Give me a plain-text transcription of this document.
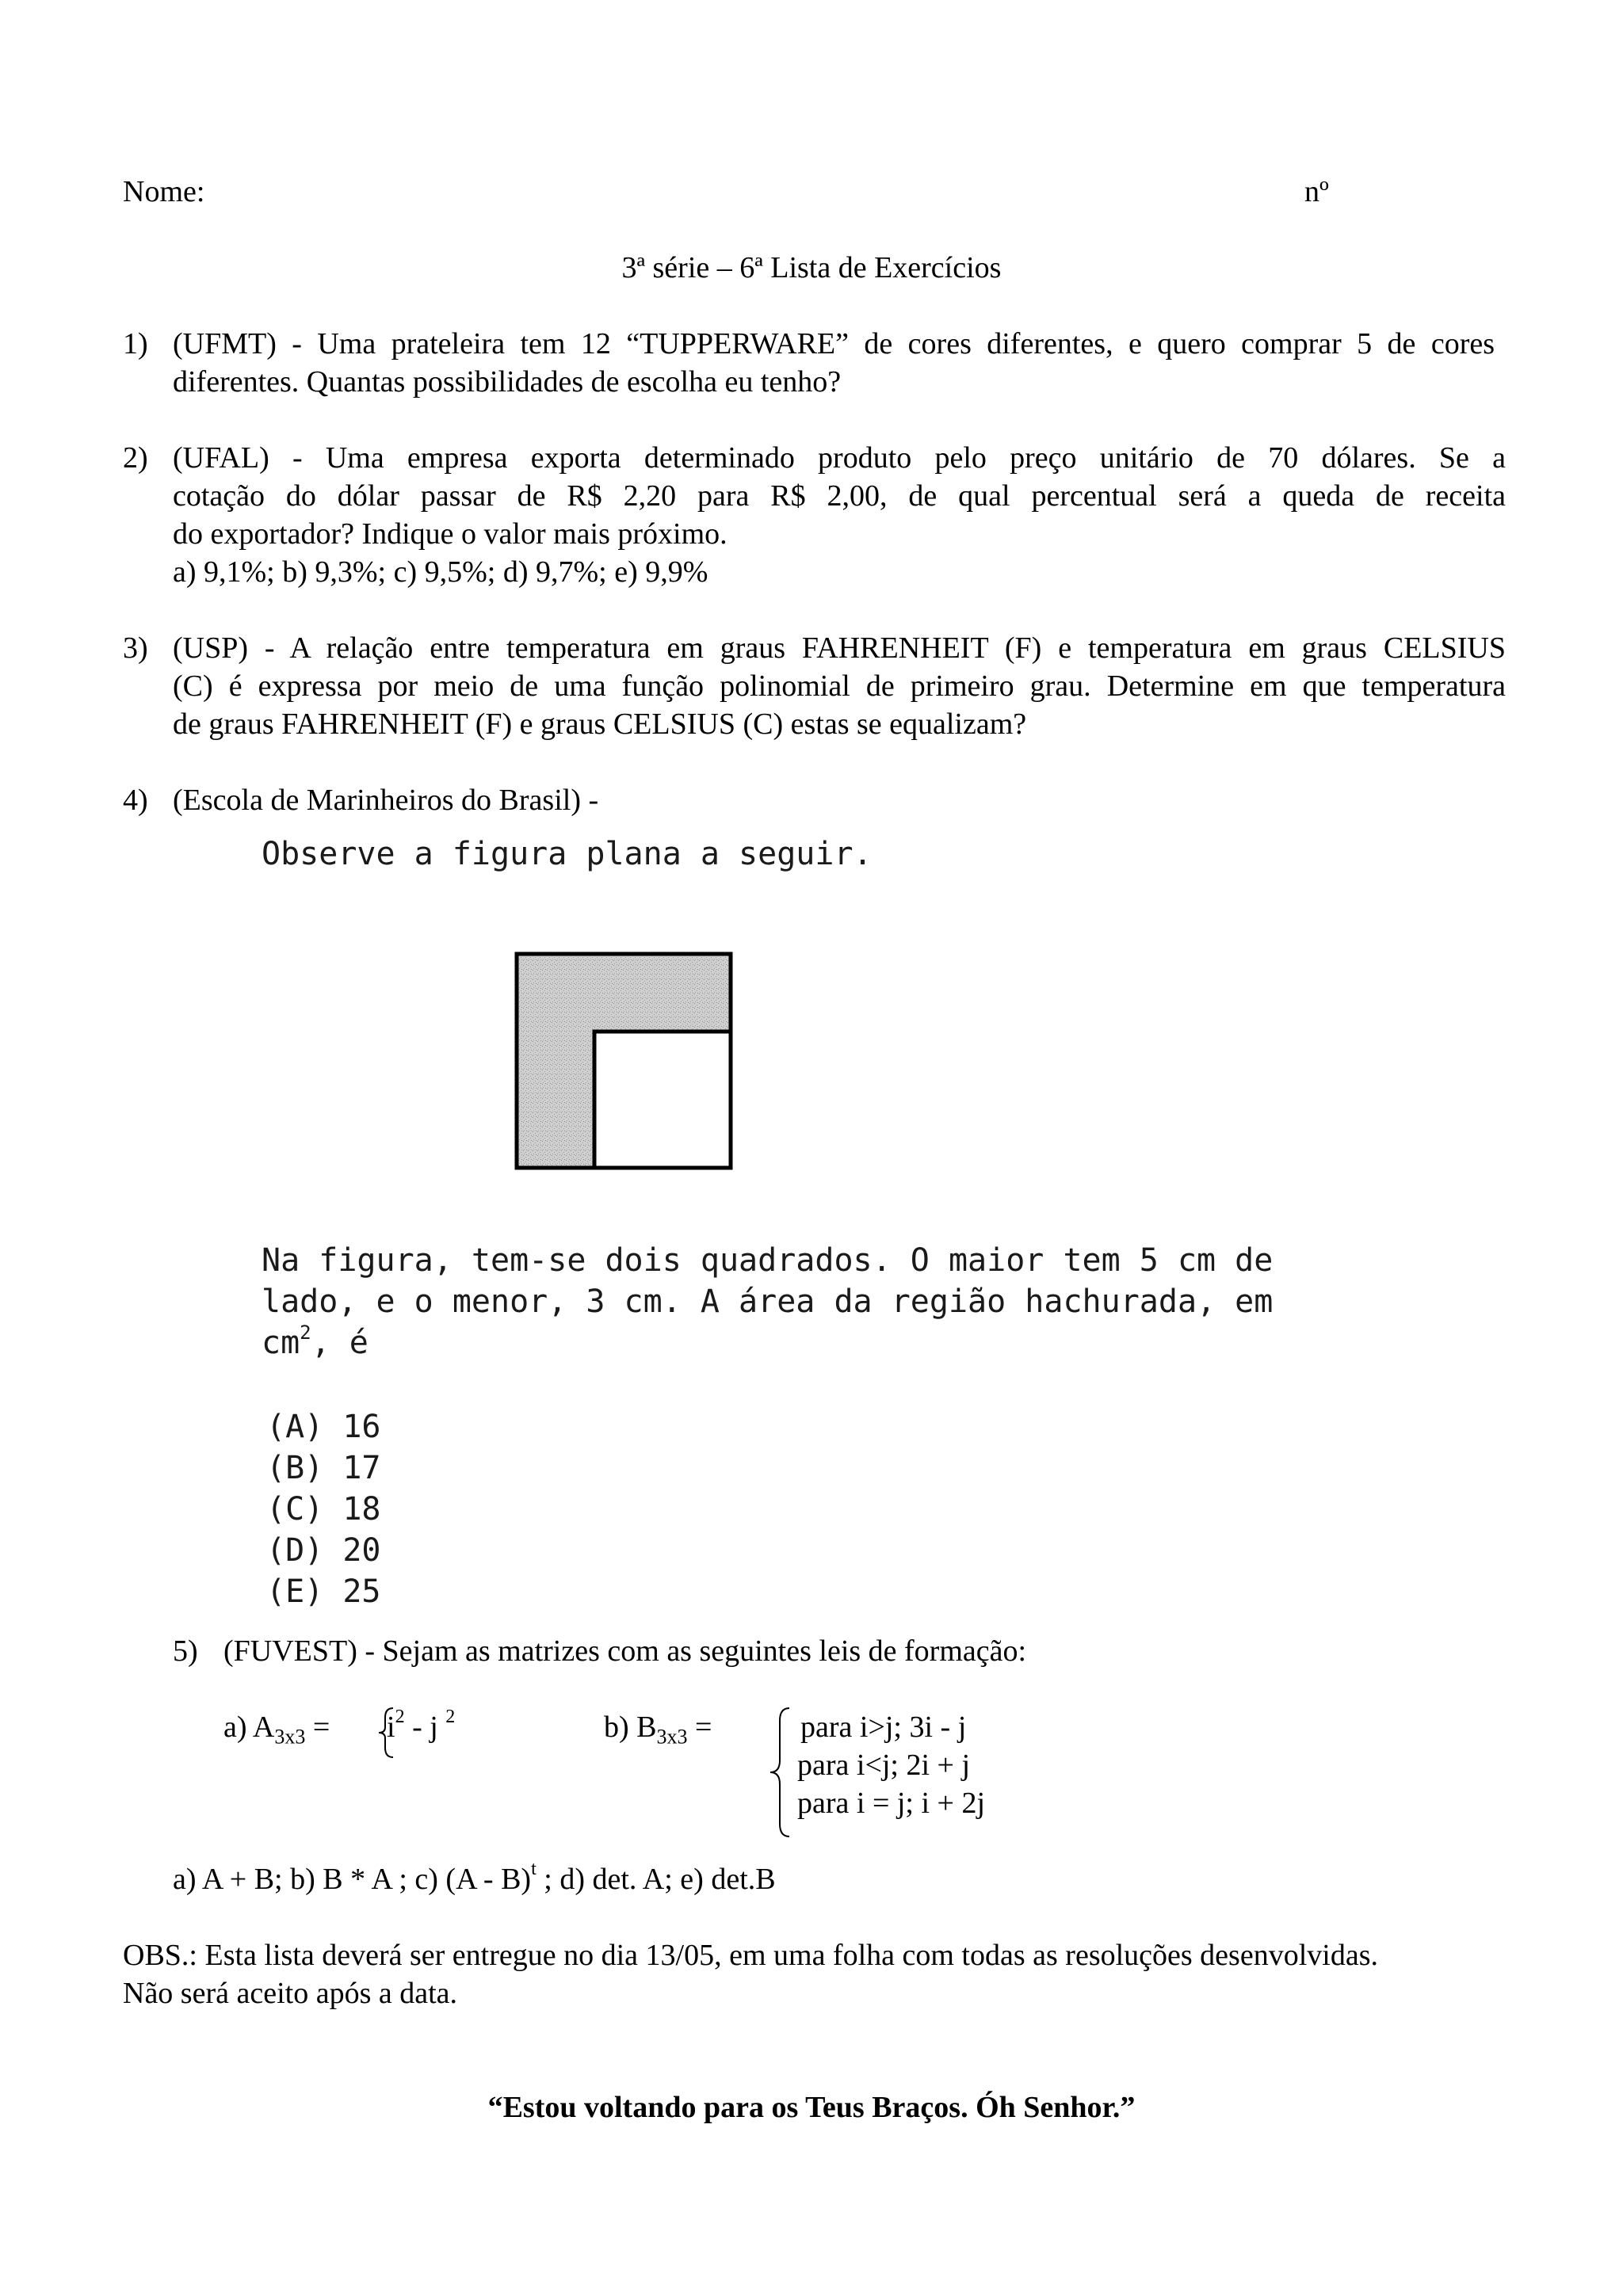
Nome:	nº
3ª série – 6ª Lista de Exercícios
1) (UFMT) - Uma prateleira tem 12 “TUPPERWARE” de cores diferentes, e quero comprar 5 de cores
diferentes. Quantas possibilidades de escolha eu tenho?
2) (UFAL) - Uma empresa exporta determinado produto pelo preço unitário de 70 dólares. Se a
cotação do dólar passar de R$ 2,20 para R$ 2,00, de qual percentual será a queda de receita
do exportador? Indique o valor mais próximo.
a) 9,1%; b) 9,3%; c) 9,5%; d) 9,7%; e) 9,9%
3) (USP) - A relação entre temperatura em graus FAHRENHEIT (F) e temperatura em graus CELSIUS
(C) é expressa por meio de uma função polinomial de primeiro grau. Determine em que temperatura
de graus FAHRENHEIT (F) e graus CELSIUS (C) estas se equalizam?
4) (Escola de Marinheiros do Brasil) -
Observe a figura plana a seguir.
Na figura, tem-se dois quadrados. O maior tem 5 cm de
lado, e o menor, 3 cm. A área da região hachurada, em
$cm^2$, é
(A) 16
(B) 17
(C) 18
(D) 20
(E) 25
5) (FUVEST) - Sejam as matrizes com as seguintes leis de formação:
a) $A_{3x3} = i^2 - j$ $^2$	b) $B_{3x3}$ =	para i>j; 3i - j
para i<j; 2i + j
para i = j; i + 2j
a) A + B; b) B * A ; c) (A - B)$^t$ ; d) det. A; e) det.B
OBS.: Esta lista deverá ser entregue no dia 13/05, em uma folha com todas as resoluções desenvolvidas.
Não será aceito após a data.
“Estou voltando para os Teus Braços. Óh Senhor.”
